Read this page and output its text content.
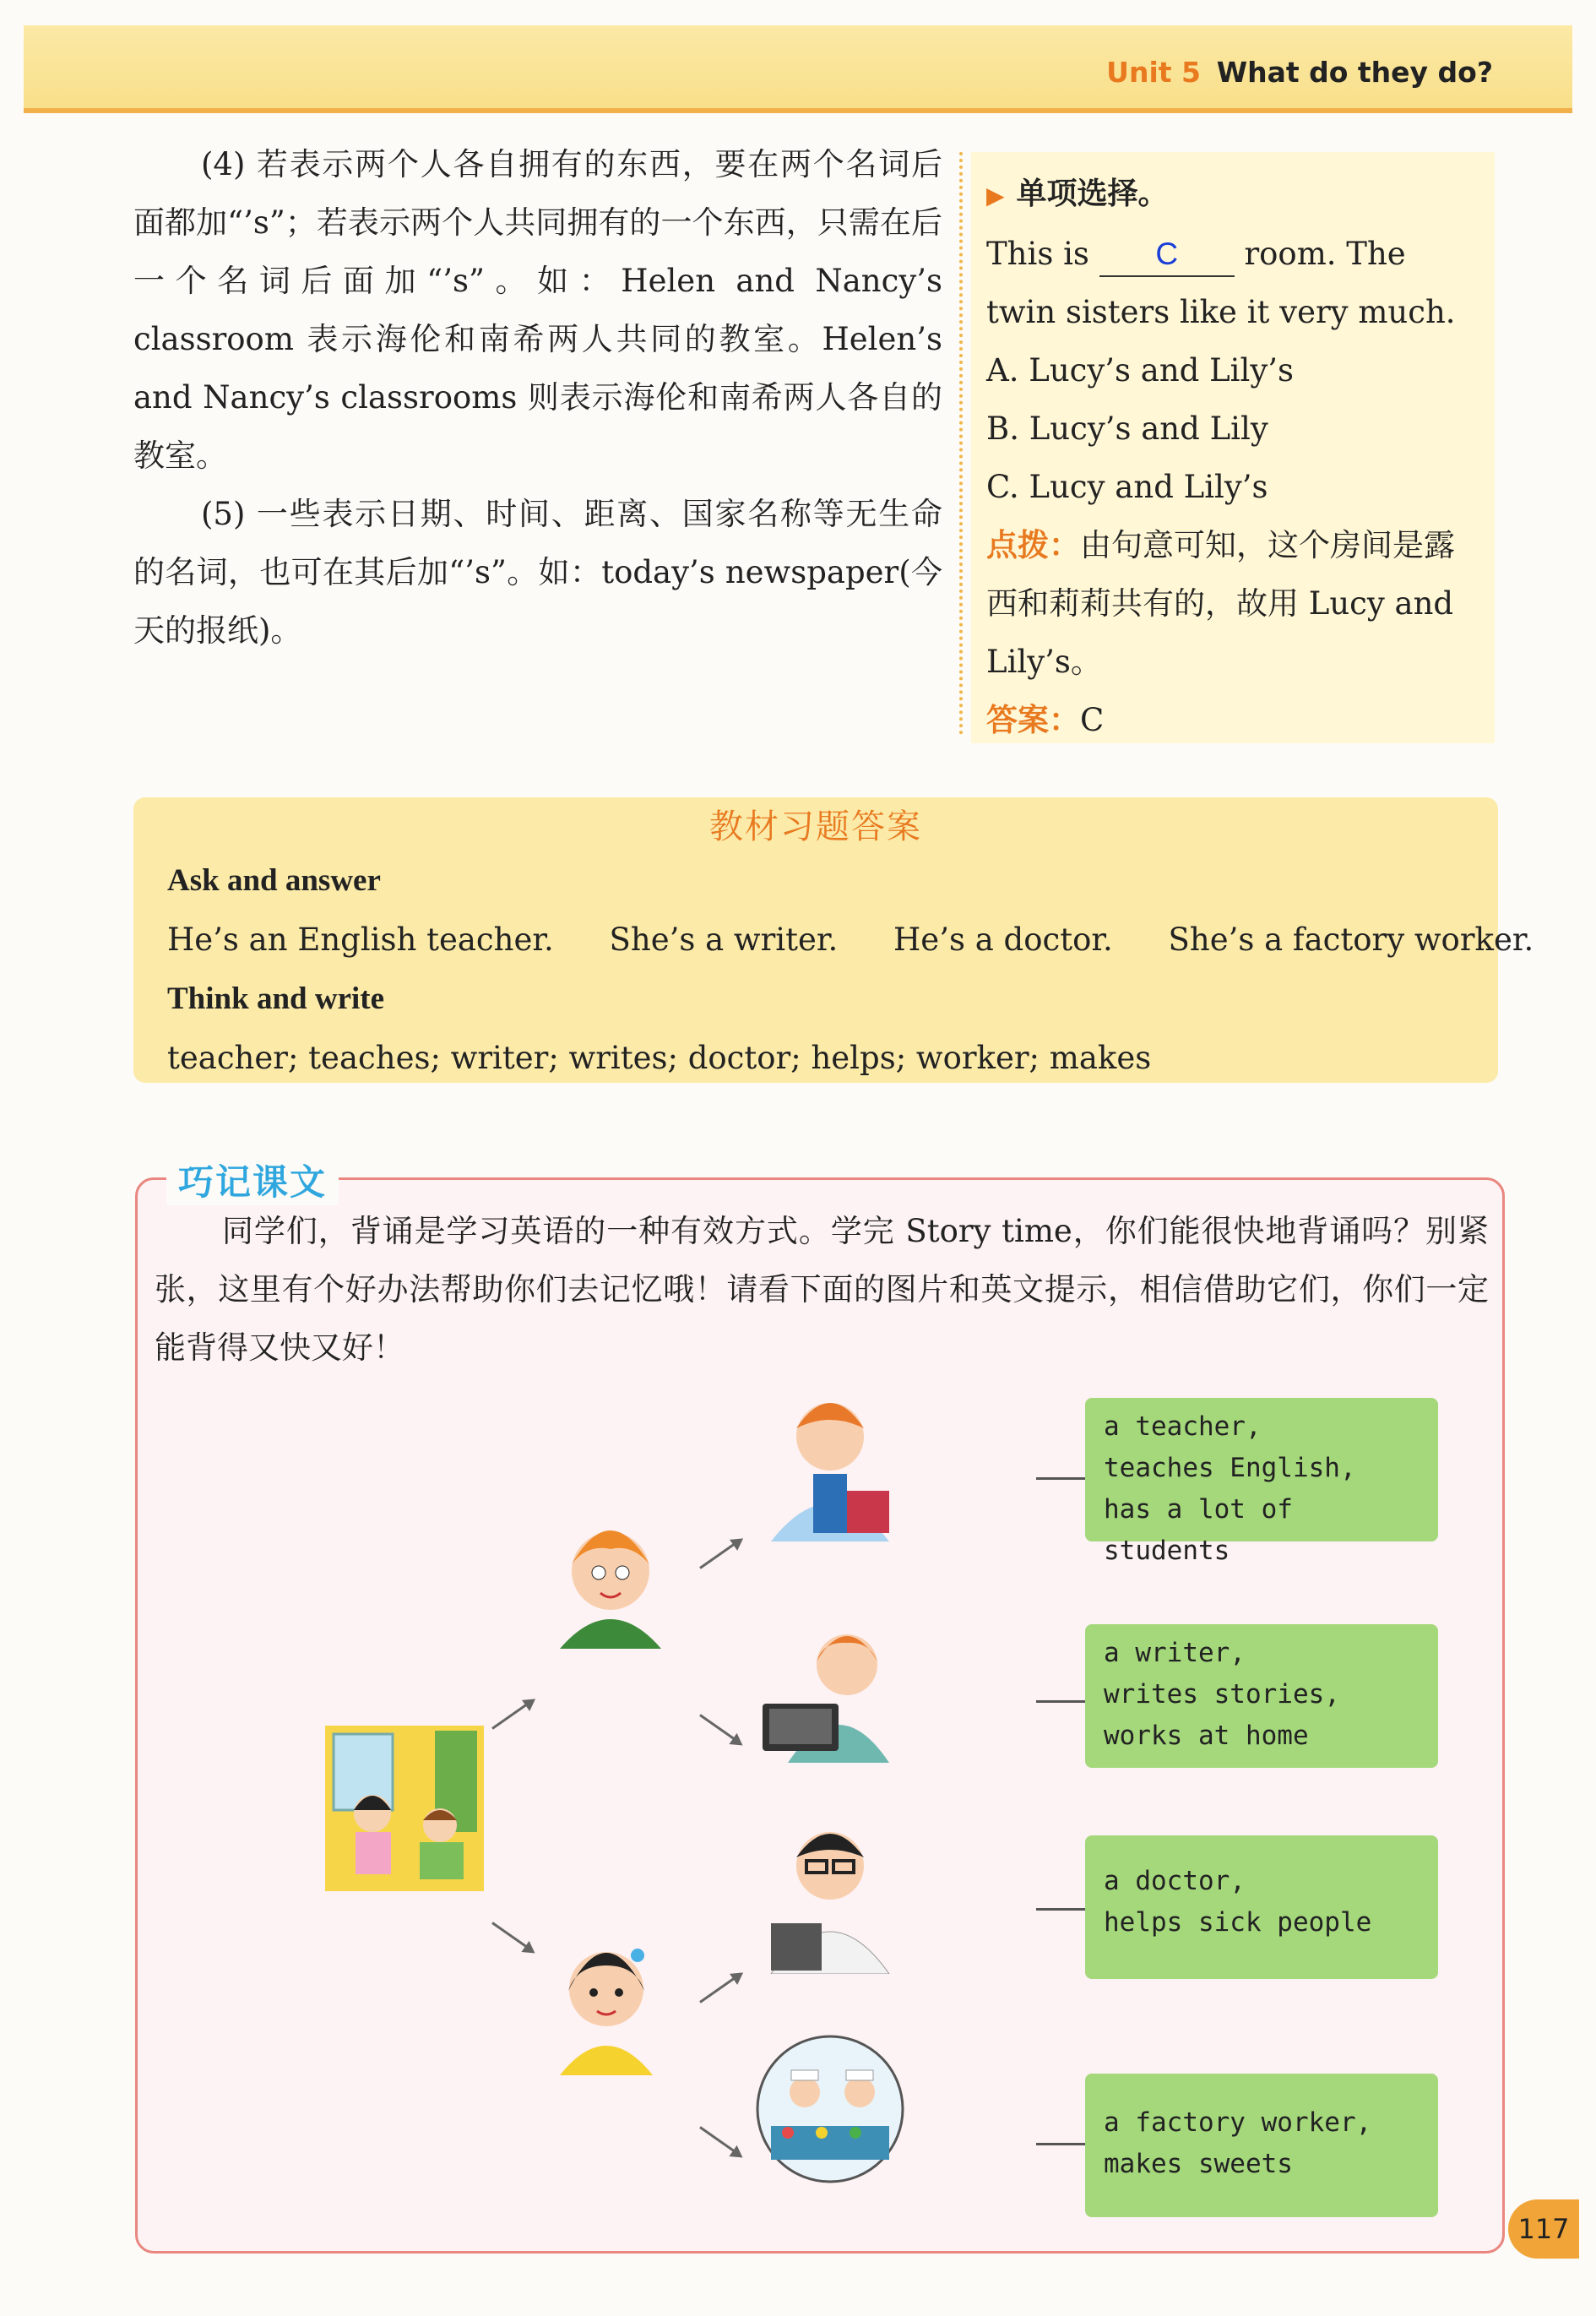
Unit 5 What do they do?

(4) 若表示两个人各自拥有的东西，要在两个名词后面都加“’s”；若表示两个人共同拥有的一个东西，只需在后一个名词后面加“’s”。如：Helen and Nancy’s classroom 表示海伦和南希两人共同的教室。Helen’s and Nancy’s classrooms 则表示海伦和南希两人各自的教室。

(5) 一些表示日期、时间、距离、国家名称等无生命的名词，也可在其后加“’s”。如：today’s newspaper(今天的报纸)。

▶ 单项选择。

This is C room. The twin sisters like it very much.

A. Lucy’s and Lily’s

B. Lucy’s and Lily

C. Lucy and Lily’s

点拨：由句意可知，这个房间是露西和莉莉共有的，故用 Lucy and Lily’s。

答案：C

教材习题答案
Ask and answer
He’s an English teacher. She’s a writer. He’s a doctor. She’s a factory worker.
Think and write
teacher; teaches; writer; writes; doctor; helps; worker; makes
巧记课文

同学们，背诵是学习英语的一种有效方式。学完 Story time，你们能很快地背诵吗？别紧张，这里有个好办法帮助你们去记忆哦！请看下面的图片和英文提示，相信借助它们，你们一定能背得又快又好！

a teacher,
teaches English,
has a lot of students
a writer,
writes stories,
works at home
a doctor,
helps sick people
a factory worker,
makes sweets
117
